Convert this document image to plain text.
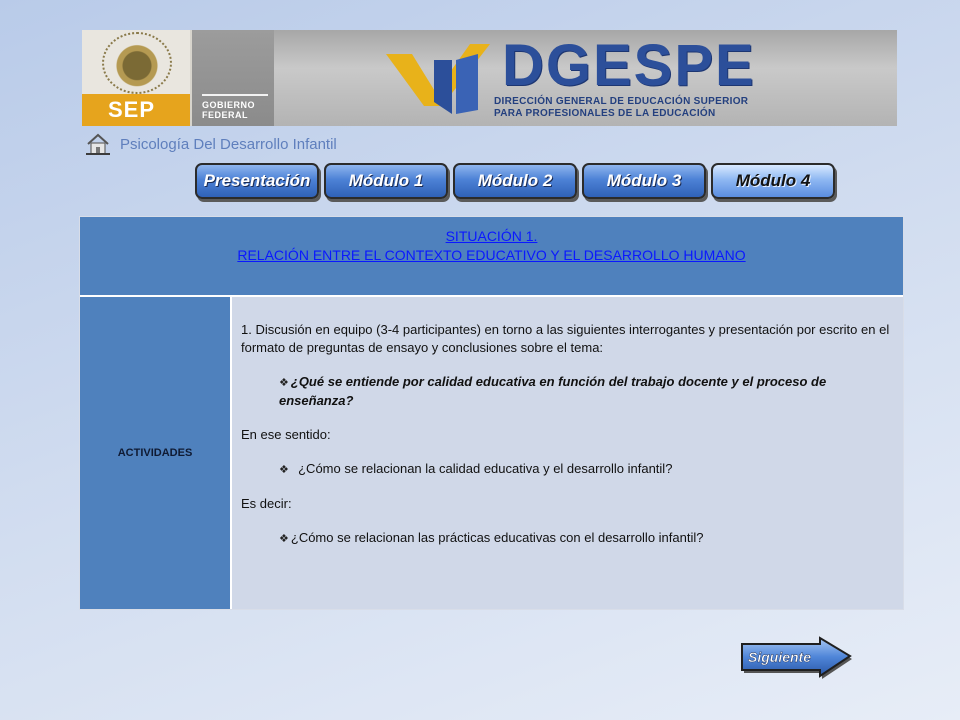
SEP	GOBIERNO
FEDERAL
DGESPE
DIRECCIÓN GENERAL DE EDUCACIÓN SUPERIOR
PARA PROFESIONALES DE LA EDUCACIÓN
Psicología Del Desarrollo Infantil
Presentación	Módulo 1	Módulo 2	Módulo 3	Módulo 4
SITUACIÓN 1.
RELACIÓN ENTRE EL CONTEXTO EDUCATIVO Y EL DESARROLLO HUMANO
ACTIVIDADES
1. Discusión en equipo (3-4 participantes) en torno a las siguientes interrogantes y presentación por escrito en el formato de preguntas de ensayo y conclusiones sobre el tema:
❖ ¿Qué se entiende por calidad educativa en función del trabajo docente y el proceso de enseñanza?
En ese sentido:
❖ ¿Cómo se relacionan la calidad educativa y el desarrollo infantil?
Es decir:
❖ ¿Cómo se relacionan las prácticas educativas con el desarrollo infantil?
Siguiente
